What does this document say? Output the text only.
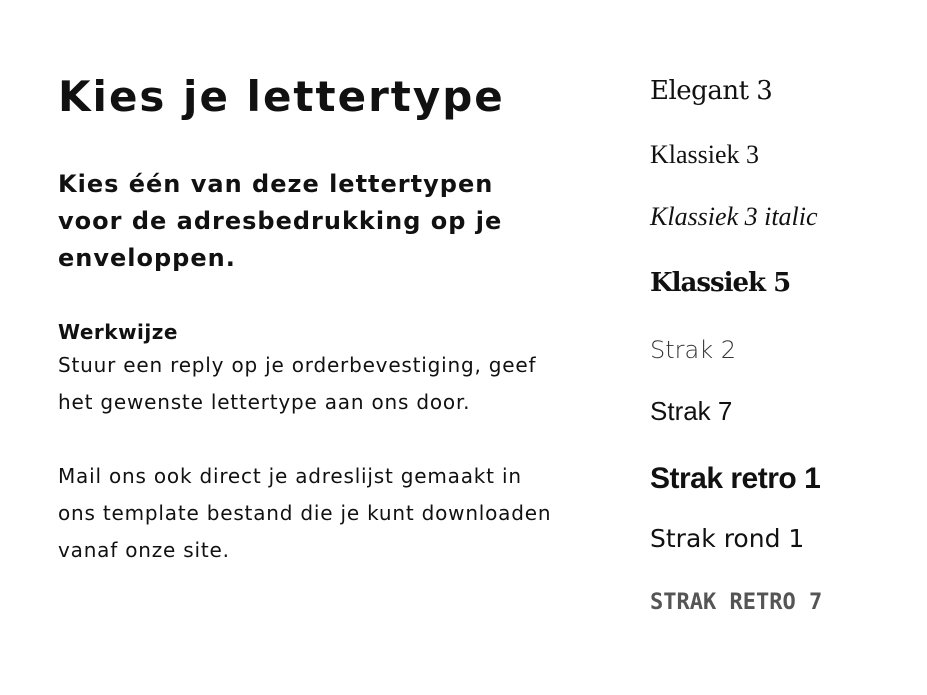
Kies je lettertype

Kies één van deze lettertypen voor de adresbedrukking op je enveloppen.

Werkwijze

Stuur een reply op je orderbevestiging, geef het gewenste lettertype aan ons door.

Mail ons ook direct je adreslijst gemaakt in ons template bestand die je kunt downloaden vanaf onze site.

Elegant 3
Klassiek 3
Klassiek 3 italic
Klassiek 5
Strak 2
Strak 7
Strak retro 1
Strak rond 1
STRAK RETRO 7
